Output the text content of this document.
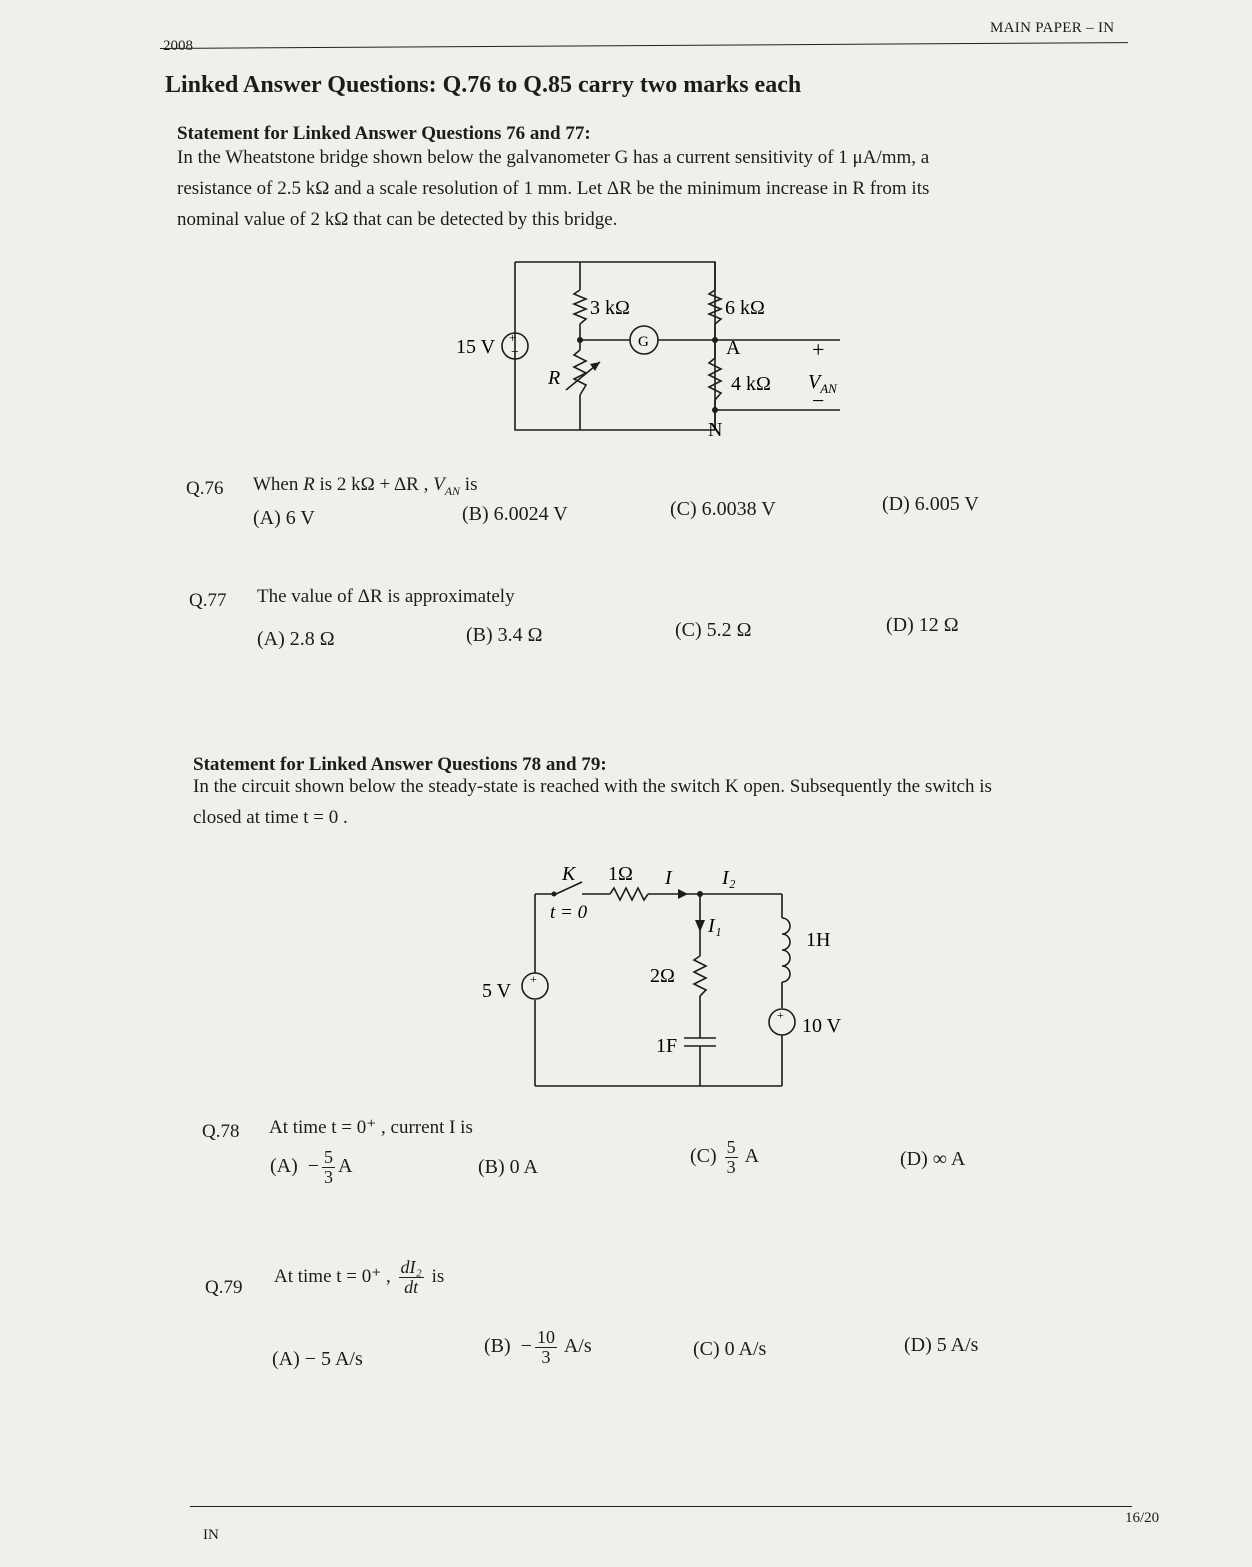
MAIN PAPER – IN
2008
Linked Answer Questions: Q.76 to Q.85 carry two marks each
Statement for Linked Answer Questions 76 and 77:
In the Wheatstone bridge shown below the galvanometer G has a current sensitivity of 1 μA/mm, a
resistance of 2.5 kΩ and a scale resolution of 1 mm. Let ΔR be the minimum increase in R from its
nominal value of 2 kΩ that can be detected by this bridge.
+
−
15 V
3 kΩ	6 kΩ
4 kΩ
R
G	A
N
+
−
$V_{AN}$
Q.76 When R is 2 kΩ + ΔR , $V_{AN}$ is
(A) 6 V	(B) 6.0024 V	(C) 6.0038 V	(D) 6.005 V
Q.77 The value of ΔR is approximately
(A) 2.8 Ω	(B) 3.4 Ω	(C) 5.2 Ω	(D) 12 Ω
Statement for Linked Answer Questions 78 and 79:
In the circuit shown below the steady-state is reached with the switch K open. Subsequently the switch is
closed at time t = 0 .
+
+
K
t = 0
1Ω I	I₂
I₁
1H
2Ω
5 V
10 V
1F
Q.78 At time t = 0⁺ , current I is
$(A) - \frac{5}{3}$ A	(B) 0 A
$(C) \frac{5}{3}$ A	(D) ∞ A
Q.79
At time t = 0⁺ , $\frac{\text{dI₂}}{dt}$ is
(A) − 5 A/s
$(B) - \frac{10}{3} A/s$	(C) 0 A/s	(D) 5 A/s
16/20
IN
